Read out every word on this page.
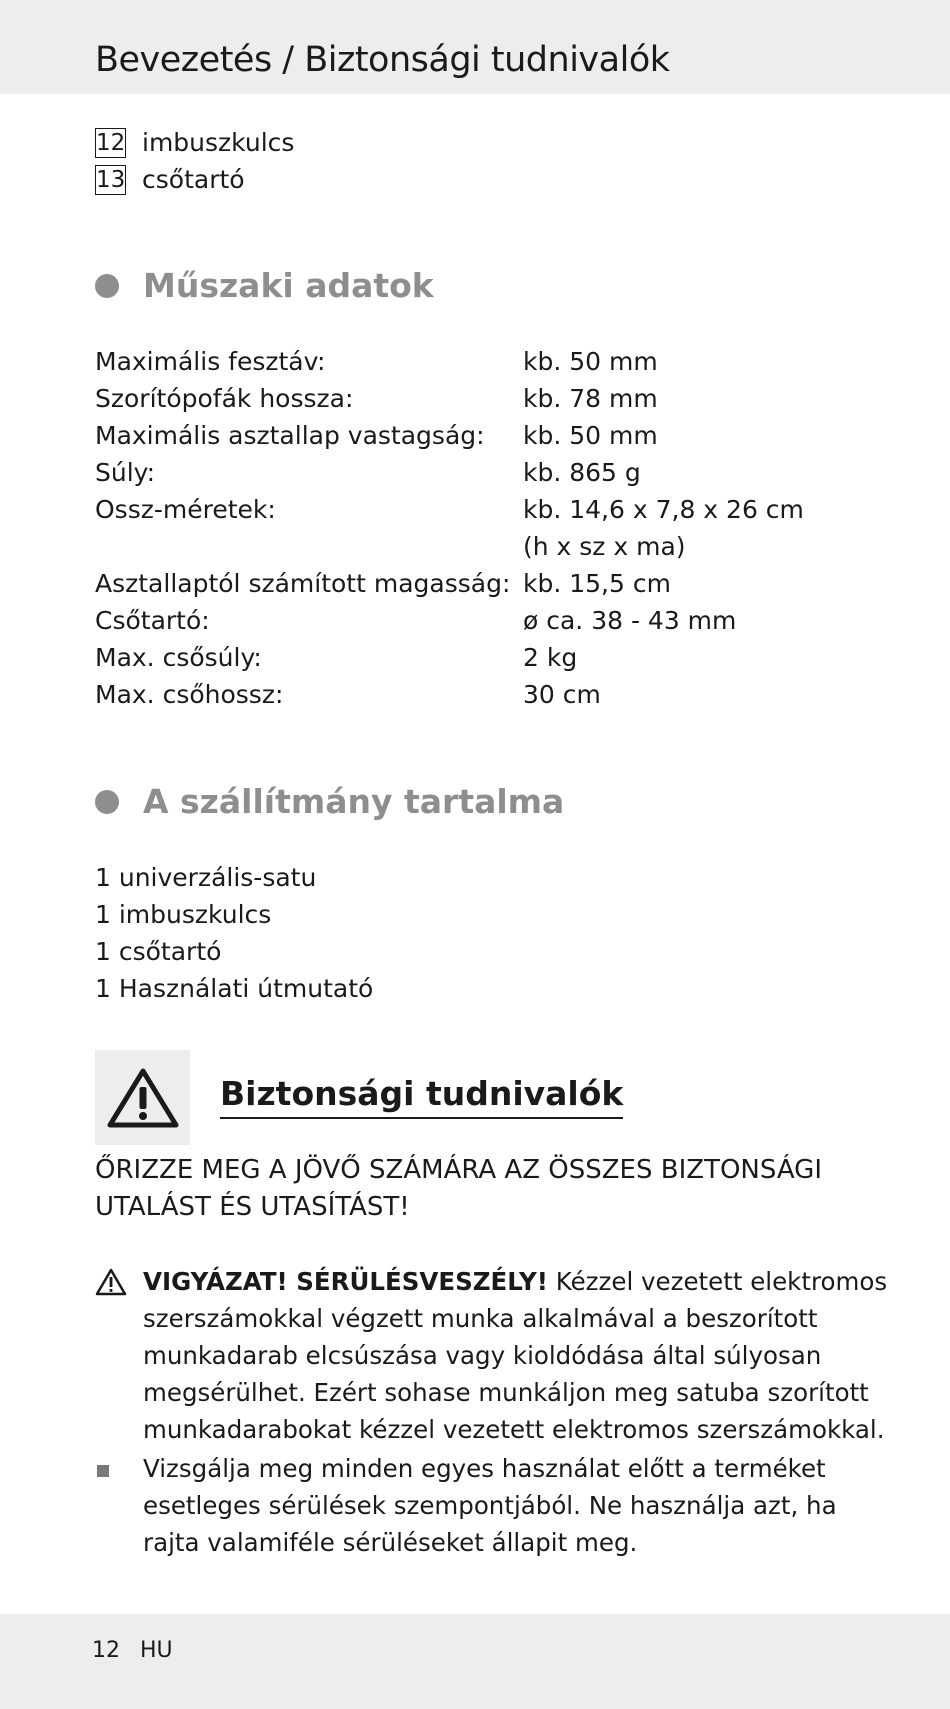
Bevezetés / Biztonsági tudnivalók
12 imbuszkulcs
13 csőtartó
Műszaki adatok
Maximális fesztáv:	kb. 50 mm
Szorítópofák hossza:	kb. 78 mm
Maximális asztallap vastagság:	kb. 50 mm
Súly:	kb. 865 g
Ossz-méretek:	kb. 14,6 x 7,8 x 26 cm
(h x sz x ma)
Asztallaptól számított magasság: kb. 15,5 cm
Csőtartó:	ø ca. 38 - 43 mm
Max. csősúly:	2 kg
Max. csőhossz:	30 cm
A szállítmány tartalma
1 univerzális-satu
1 imbuszkulcs
1 csőtartó
1 Használati útmutató
Biztonsági tudnivalók

ŐRIZZE MEG A JÖVŐ SZÁMÁRA AZ ÖSSZES BIZTONSÁGI
UTALÁST ÉS UTASÍTÁST!

VIGYÁZAT! SÉRÜLÉSVESZÉLY! Kézzel vezetett elektromos szerszámokkal végzett munka alkalmával a beszorított munkadarab elcsúszása vagy kioldódása által súlyosan megsérülhet. Ezért sohase munkáljon meg satuba szorított munkadarabokat kézzel vezetett elektromos szerszámokkal.
Vizsgálja meg minden egyes használat előtt a terméket esetleges sérülések szempontjából. Ne használja azt, ha rajta valamiféle sérüléseket állapit meg.
12 HU
